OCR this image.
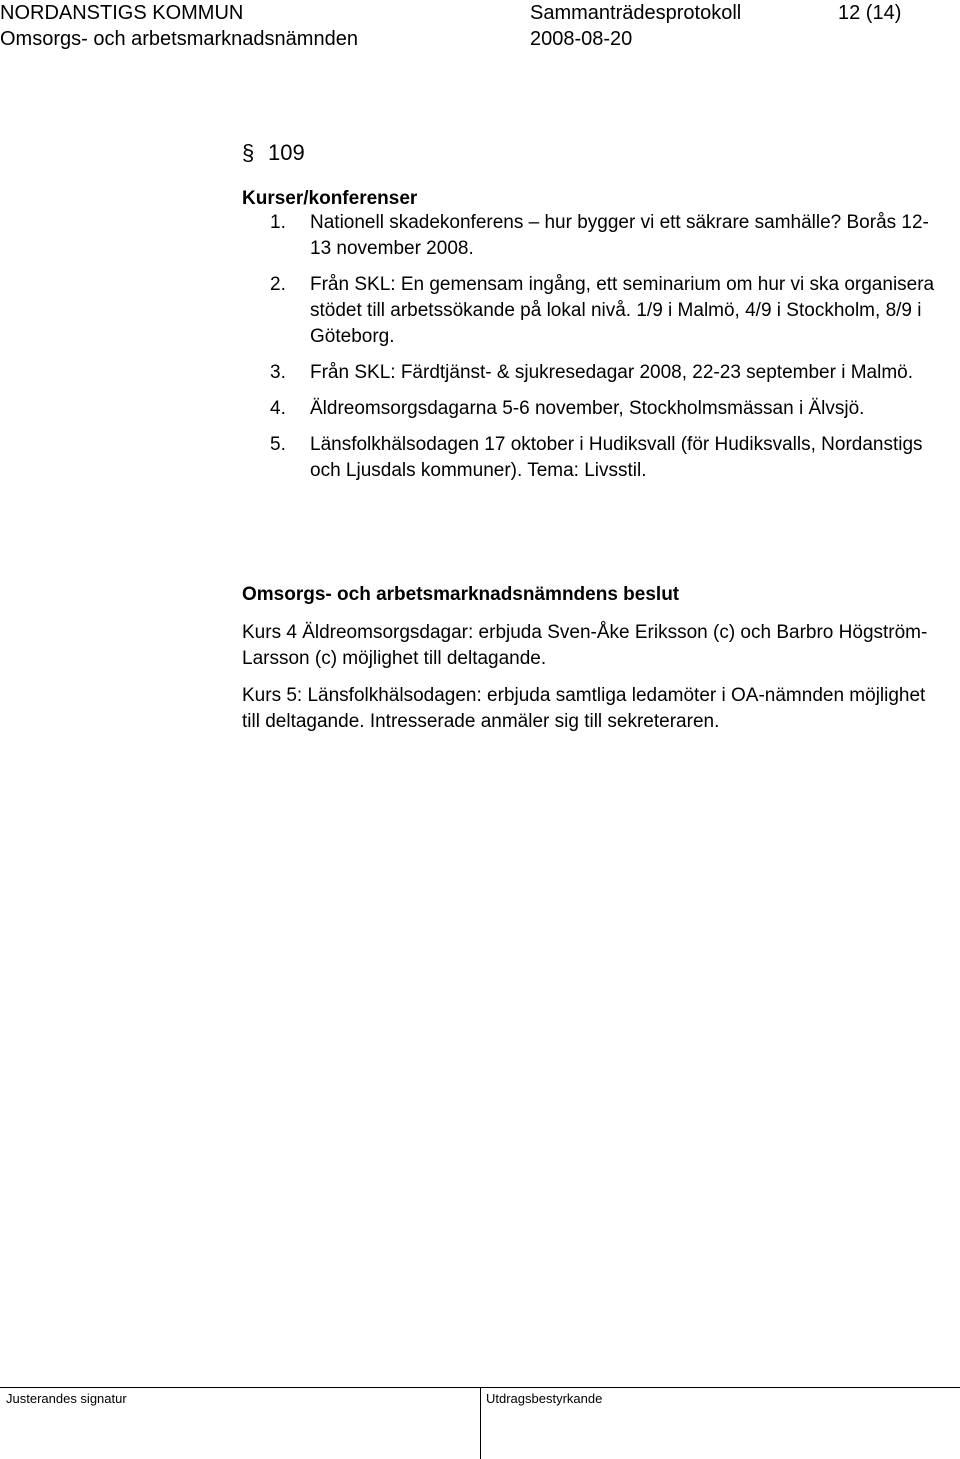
NORDANSTIGS KOMMUN	Sammanträdesprotokoll	12 (14)
Omsorgs- och arbetsmarknadsnämnden	2008-08-20
§ 109
Kurser/konferenser
1. Nationell skadekonferens – hur bygger vi ett säkrare samhälle? Borås 12-13 november 2008.
2. Från SKL: En gemensam ingång, ett seminarium om hur vi ska organisera stödet till arbetssökande på lokal nivå. 1/9 i Malmö, 4/9 i Stockholm, 8/9 i Göteborg.
3. Från SKL: Färdtjänst- & sjukresedagar 2008, 22-23 september i Malmö.
4. Äldreomsorgsdagarna 5-6 november, Stockholmsmässan i Älvsjö.
5. Länsfolkhälsodagen 17 oktober i Hudiksvall (för Hudiksvalls, Nordanstigs och Ljusdals kommuner). Tema: Livsstil.
Omsorgs- och arbetsmarknadsnämndens beslut

Kurs 4 Äldreomsorgsdagar: erbjuda Sven-Åke Eriksson (c) och Barbro Högström-Larsson (c) möjlighet till deltagande.

Kurs 5: Länsfolkhälsodagen: erbjuda samtliga ledamöter i OA-nämnden möjlighet till deltagande. Intresserade anmäler sig till sekreteraren.

Justerandes signatur	Utdragsbestyrkande
